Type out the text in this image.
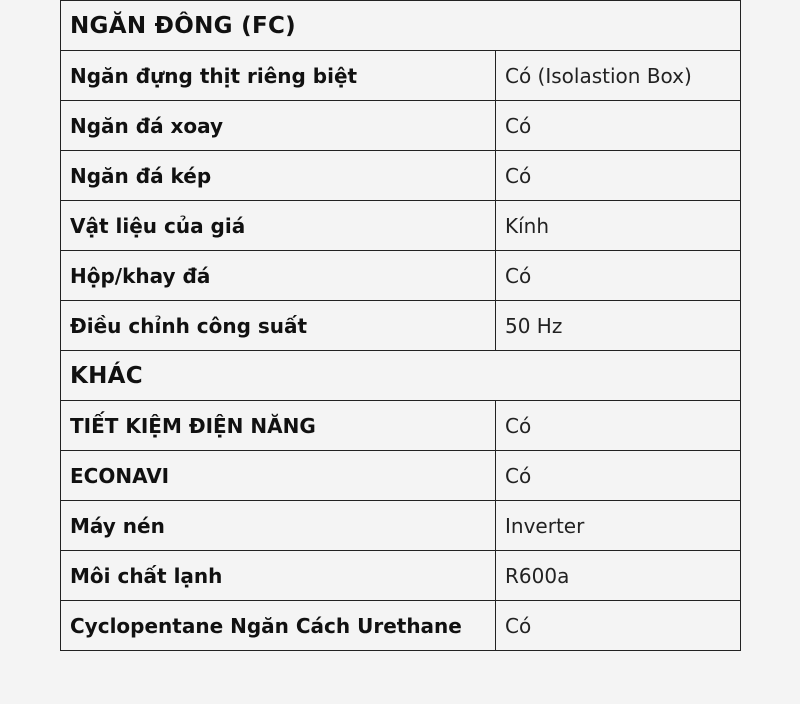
NGĂN ĐÔNG (FC)	
Ngăn đựng thịt riêng biệt	Có (Isolastion Box)
Ngăn đá xoay	Có
Ngăn đá kép	Có
Vật liệu của giá	Kính
Hộp/khay đá	Có
Điều chỉnh công suất	50 Hz
KHÁC	
TIẾT KIỆM ĐIỆN NĂNG	Có
ECONAVI	Có
Máy nén	Inverter
Môi chất lạnh	R600a
Cyclopentane Ngăn Cách Urethane	Có
